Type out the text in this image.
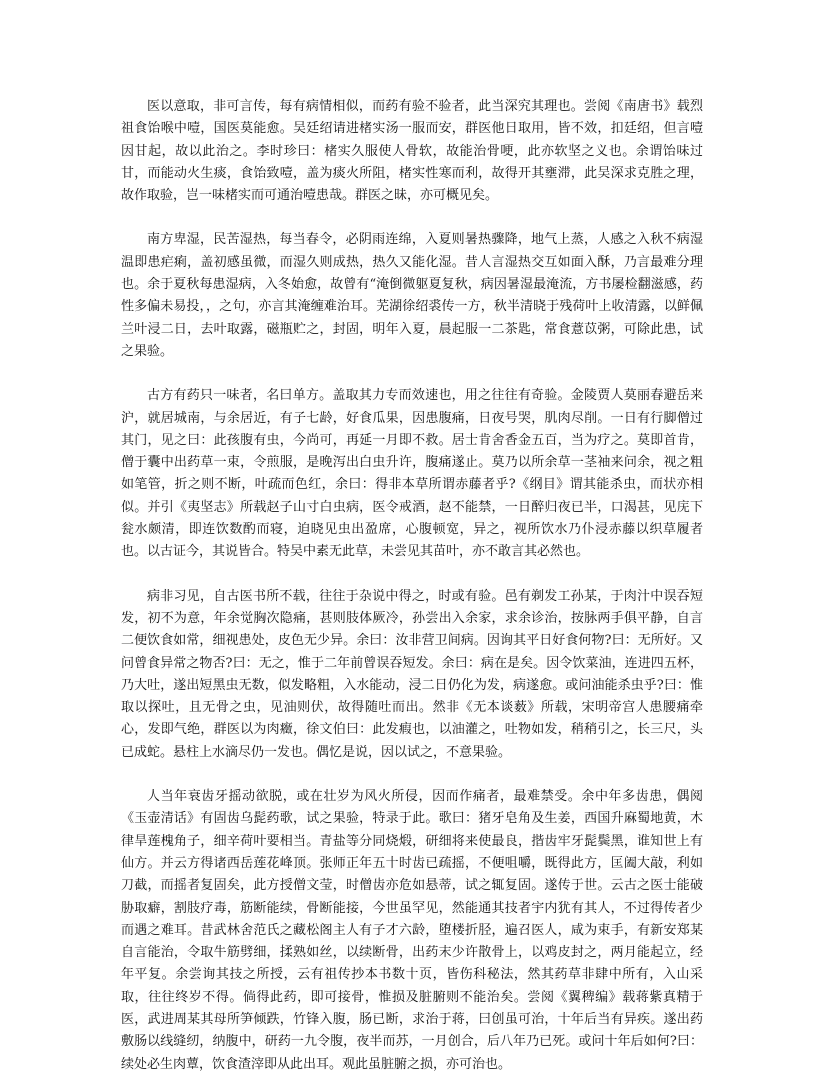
医以意取，非可言传，每有病情相似，而药有验不验者，此当深究其理也。尝阅《南唐书》载烈祖食饴喉中噎，国医莫能愈。吴廷绍请进楮实汤一服而安，群医他日取用，皆不效，扣廷绍，但言噎因甘起，故以此治之。李时珍曰：楮实久服使人骨软，故能治骨哽，此亦软坚之义也。余谓饴味过甘，而能动火生痰，食饴致噎，盖为痰火所阻，楮实性寒而利，故得开其壅滞，此吴深求克胜之理，故作取验，岂一味楮实而可通治噎患哉。群医之昧，亦可概见矣。

南方卑湿，民苦湿热，每当春令，必阴雨连绵，入夏则暑热骤降，地气上蒸，人感之入秋不病湿温即患疟痢，盖初感虽微，而湿久则成热，热久又能化湿。昔人言湿热交互如面入酥，乃言最难分理也。余于夏秋每患湿病，入冬始愈，故曾有“淹倒微躯夏复秋，病因暑湿最淹流，方书屡检翻滋感，药性多偏未易投，，之句，亦言其淹缠难治耳。芜湖徐绍裘传一方，秋半清晓于残荷叶上收清露，以鲜佩兰叶浸二日，去叶取露，磁瓶贮之，封固，明年入夏，晨起服一二茶匙，常食薏苡粥，可除此患，试之果验。

古方有药只一味者，名曰单方。盖取其力专而效速也，用之往往有奇验。金陵贾人莫丽春避岳来沪，就居城南，与余居近，有子七龄，好食瓜果，因患腹痛，日夜号哭，肌肉尽削。一日有行脚僧过其门，见之曰：此孩腹有虫，今尚可，再延一月即不救。居士肯舍香金五百，当为疗之。莫即首肯，僧于囊中出药草一束，令煎服，是晚泻出白虫升许，腹痛遂止。莫乃以所余草一茎袖来问余，视之粗如笔管，折之则不断，叶疏而色红，余曰：得非本草所谓赤藤者乎?《纲目》谓其能杀虫，而状亦相似。并引《夷坚志》所载赵子山寸白虫病，医令戒酒，赵不能禁，一日醉归夜已半，口渴甚，见庑下瓮水颇清，即连饮数酌而寝，迫晓见虫出盈席，心腹顿宽，异之，视所饮水乃仆浸赤藤以织草履者也。以古证今，其说皆合。特吴中素无此草，未尝见其苗叶，亦不敢言其必然也。

病非习见，自古医书所不载，往往于杂说中得之，时或有验。邑有剃发工孙某，于肉汁中误吞短发，初不为意，年余觉胸次隐痛，甚则肢体厥冷，孙尝出入余家，求余诊治，按脉两手俱平静，自言二便饮食如常，细视患处，皮色无少异。余曰：汝非营卫间病。因询其平日好食何物?曰：无所好。又问曾食异常之物否?曰：无之，惟于二年前曾误吞短发。余曰：病在是矣。因令饮菜油，连进四五杯，乃大吐，遂出短黑虫无数，似发略粗，入水能动，浸二日仍化为发，病遂愈。或问油能杀虫乎?曰：惟取以探吐，且无骨之虫，见油则伏，故得随吐而出。然非《无本谈薮》所载，宋明帝宫人患腰痛牵心，发即气绝，群医以为肉癥，徐文伯曰：此发瘕也，以油灌之，吐物如发，稍稍引之，长三尺，头已成蛇。悬柱上水滴尽仍一发也。偶忆是说，因以试之，不意果验。

人当年衰齿牙摇动欲脱，或在壮岁为风火所侵，因而作痛者，最难禁受。余中年多齿患，偶阅《玉壶清话》有固齿乌髭药歌，试之果验，特录于此。歌曰：猪牙皂角及生姜，西国升麻蜀地黄，木律旱莲槐角子，细辛荷叶要相当。青盐等分同烧煅，研细将来使最良，揩齿牢牙髭鬓黑，谁知世上有仙方。并云方得诸西岳莲花峰顶。张师正年五十时齿已疏摇，不便咀嚼，既得此方，匡阖大敲，利如刀截，而摇者复固矣，此方授僧文莹，时僧齿亦危如悬蒂，试之辄复固。遂传于世。云古之医士能破胁取癖，割肢疗毒，筋断能续，骨断能接，今世虽罕见，然能通其技者宇内犹有其人，不过得传者少而遇之难耳。昔武林舍范氏之藏松阁主人有子才六龄，堕楼折胫，遍召医人，咸为束手，有新安郑某自言能治，令取牛筋劈细，揉熟如丝，以续断骨，出药末少许散骨上，以鸡皮封之，两月能起立，经年平复。余尝询其技之所授，云有祖传抄本书数十页，皆伤科秘法，然其药草非肆中所有，入山采取，往往终岁不得。倘得此药，即可接骨，惟损及脏腑则不能治矣。尝阅《翼稗编》载蒋紫真精于医，武进周某其母所笋倾跌，竹锋入腹，肠已断，求治于蒋，曰创虽可治，十年后当有异疾。遂出药敷肠以线缝纫，纳腹中，研药一九令腹，夜半而苏，一月创合，后八年乃已死。或问十年后如何?曰：续处必生肉蕈，饮食渣滓即从此出耳。观此虽脏腑之损，亦可治也。
